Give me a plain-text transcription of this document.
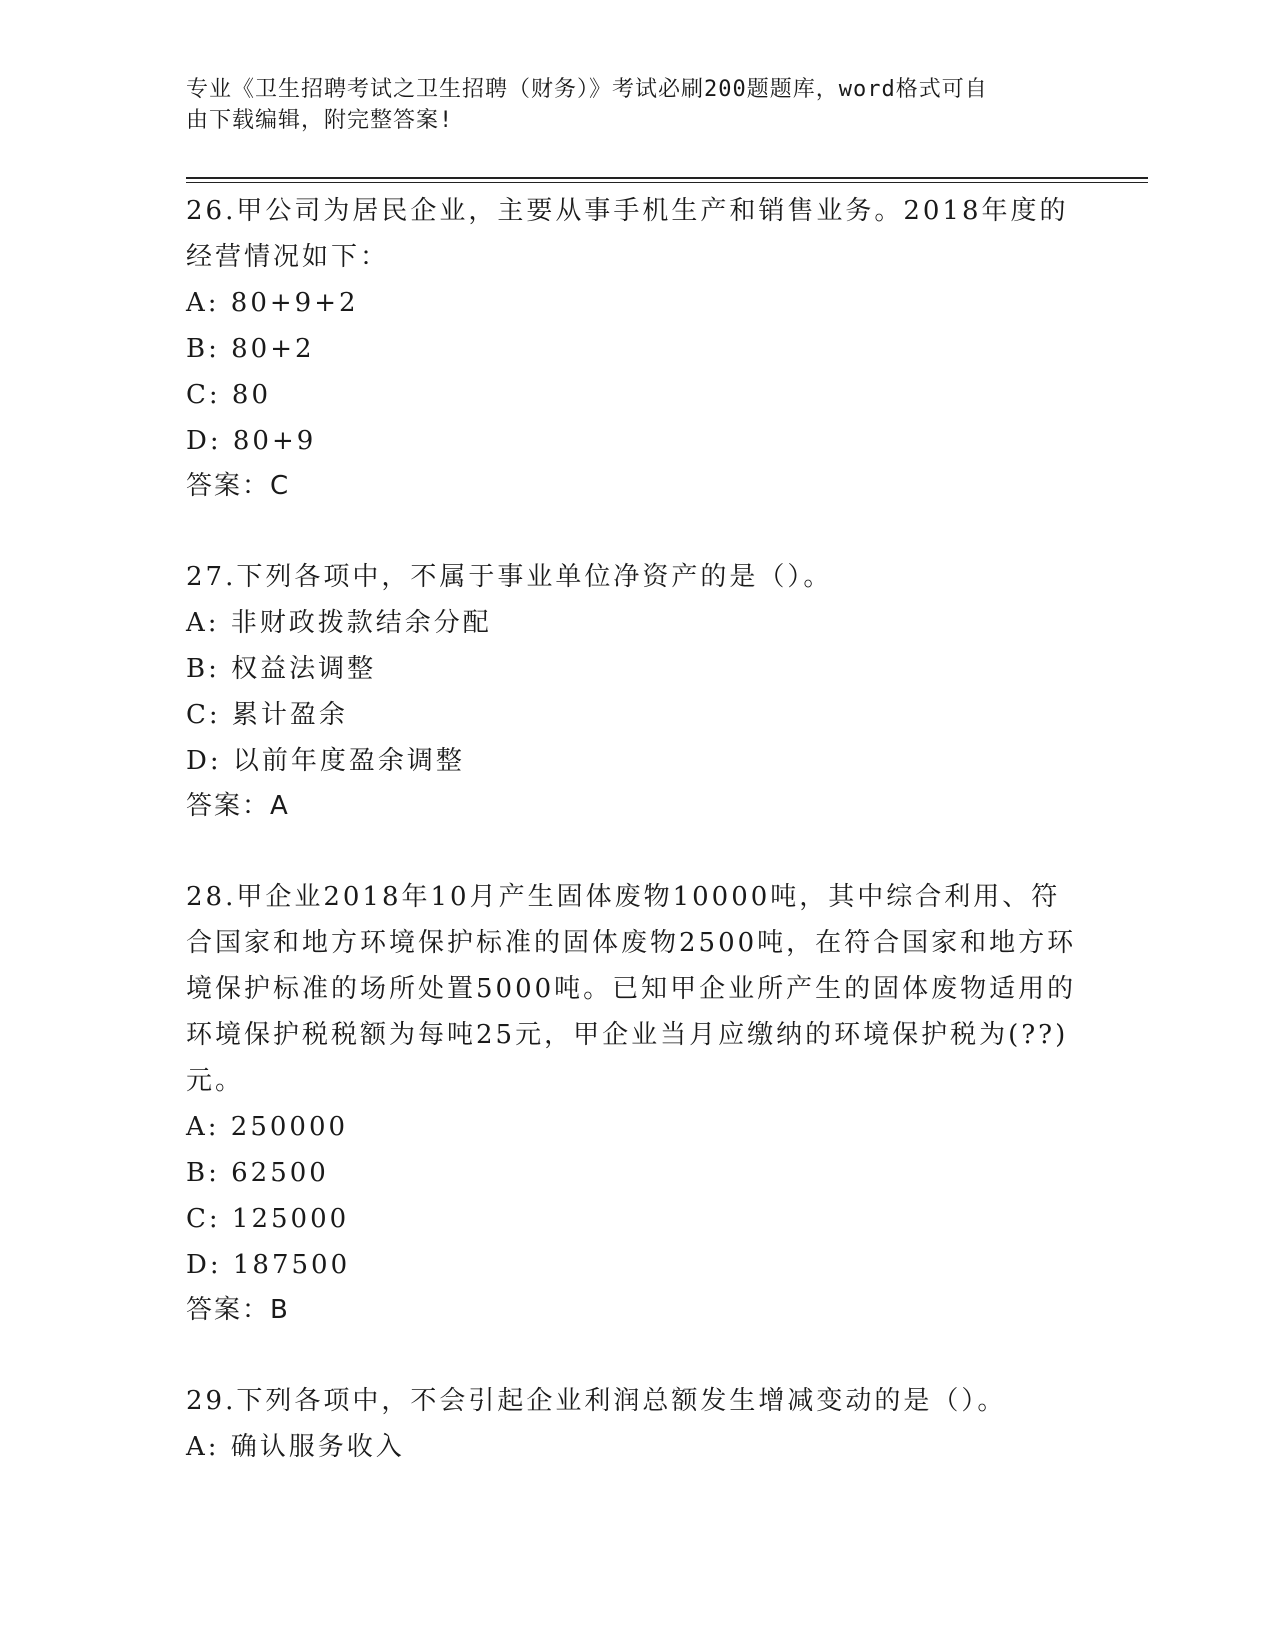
专业《卫生招聘考试之卫生招聘（财务）》考试必刷200题题库，word格式可自
由下载编辑，附完整答案!
26.甲公司为居民企业，主要从事手机生产和销售业务。2018年度的经营情况如下：
A: 80+9+2
B: 80+2
C: 80
D: 80+9
答案：C
27.下列各项中，不属于事业单位净资产的是（）。
A: 非财政拨款结余分配
B: 权益法调整
C: 累计盈余
D: 以前年度盈余调整
答案：A
28.甲企业2018年10月产生固体废物10000吨，其中综合利用、符合国家和地方环境保护标准的固体废物2500吨，在符合国家和地方环境保护标准的场所处置5000吨。已知甲企业所产生的固体废物适用的环境保护税税额为每吨25元，甲企业当月应缴纳的环境保护税为(??)元。
A: 250000
B: 62500
C: 125000
D: 187500
答案：B
29.下列各项中，不会引起企业利润总额发生增减变动的是（）。
A: 确认服务收入
